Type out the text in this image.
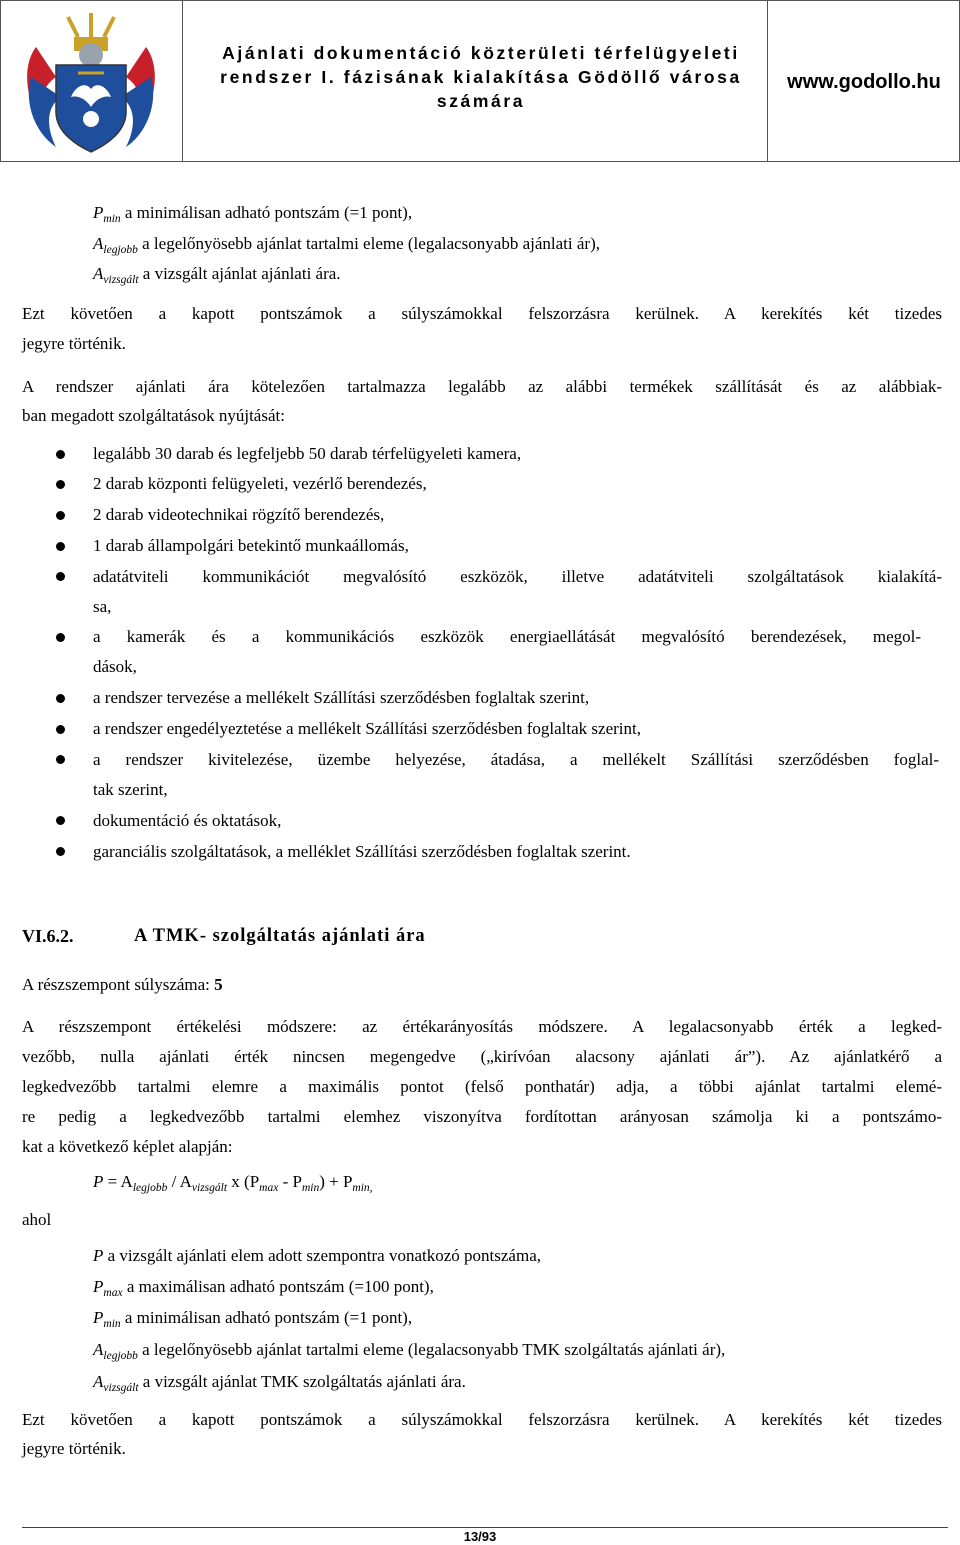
Ajánlati dokumentáció közterületi térfelügyeleti rendszer I. fázisának kialakítása Gödöllő városa számára
www.godollo.hu
$P_{min}$ a minimálisan adható pontszám (=1 pont),
$A_{legjobb}$ a legelőnyösebb ajánlat tartalmi eleme (legalacsonyabb ajánlati ár),
$A_{vizsgált}$ a vizsgált ajánlat ajánlati ára.
Ezt követően a kapott pontszámok a súlyszámokkal felszorzásra kerülnek. A kerekítés két tizedes
jegyre történik.
A rendszer ajánlati ára kötelezően tartalmazza legalább az alábbi termékek szállítását és az alábbiak-
ban megadott szolgáltatások nyújtását:
legalább 30 darab és legfeljebb 50 darab térfelügyeleti kamera,
2 darab központi felügyeleti, vezérlő berendezés,
2 darab videotechnikai rögzítő berendezés,
1 darab állampolgári betekintő munkaállomás,
adatátviteli kommunikációt megvalósító eszközök, illetve adatátviteli szolgáltatások kialakítá-
sa,
a kamerák és a kommunikációs eszközök energiaellátását megvalósító berendezések, megol-
dások,
a rendszer tervezése a mellékelt Szállítási szerződésben foglaltak szerint,
a rendszer engedélyeztetése a mellékelt Szállítási szerződésben foglaltak szerint,
a rendszer kivitelezése, üzembe helyezése, átadása, a mellékelt Szállítási szerződésben foglal-
tak szerint,
dokumentáció és oktatások,
garanciális szolgáltatások, a melléklet Szállítási szerződésben foglaltak szerint.
VI.6.2.	A TMK- szolgáltatás ajánlati ára
A részszempont súlyszáma: 5
A részszempont értékelési módszere: az értékarányosítás módszere. A legalacsonyabb érték a legked-
vezőbb, nulla ajánlati érték nincsen megengedve („kirívóan alacsony ajánlati ár”). Az ajánlatkérő a
legkedvezőbb tartalmi elemre a maximális pontot (felső ponthatár) adja, a többi ajánlat tartalmi elemé-
re pedig a legkedvezőbb tartalmi elemhez viszonyítva fordítottan arányosan számolja ki a pontszámo-
kat a következő képlet alapján:
$P = A_{legjobb} / A_{vizsgált}$ x $(P_{max} - P_{min}) + P_{min,}$
ahol
P a vizsgált ajánlati elem adott szempontra vonatkozó pontszáma,
$P_{max}$ a maximálisan adható pontszám (=100 pont),
$P_{min}$ a minimálisan adható pontszám (=1 pont),
$A_{legjobb}$ a legelőnyösebb ajánlat tartalmi eleme (legalacsonyabb TMK szolgáltatás ajánlati ár),
$A_{vizsgált}$ a vizsgált ajánlat TMK szolgáltatás ajánlati ára.
Ezt követően a kapott pontszámok a súlyszámokkal felszorzásra kerülnek. A kerekítés két tizedes
jegyre történik.
13/93
